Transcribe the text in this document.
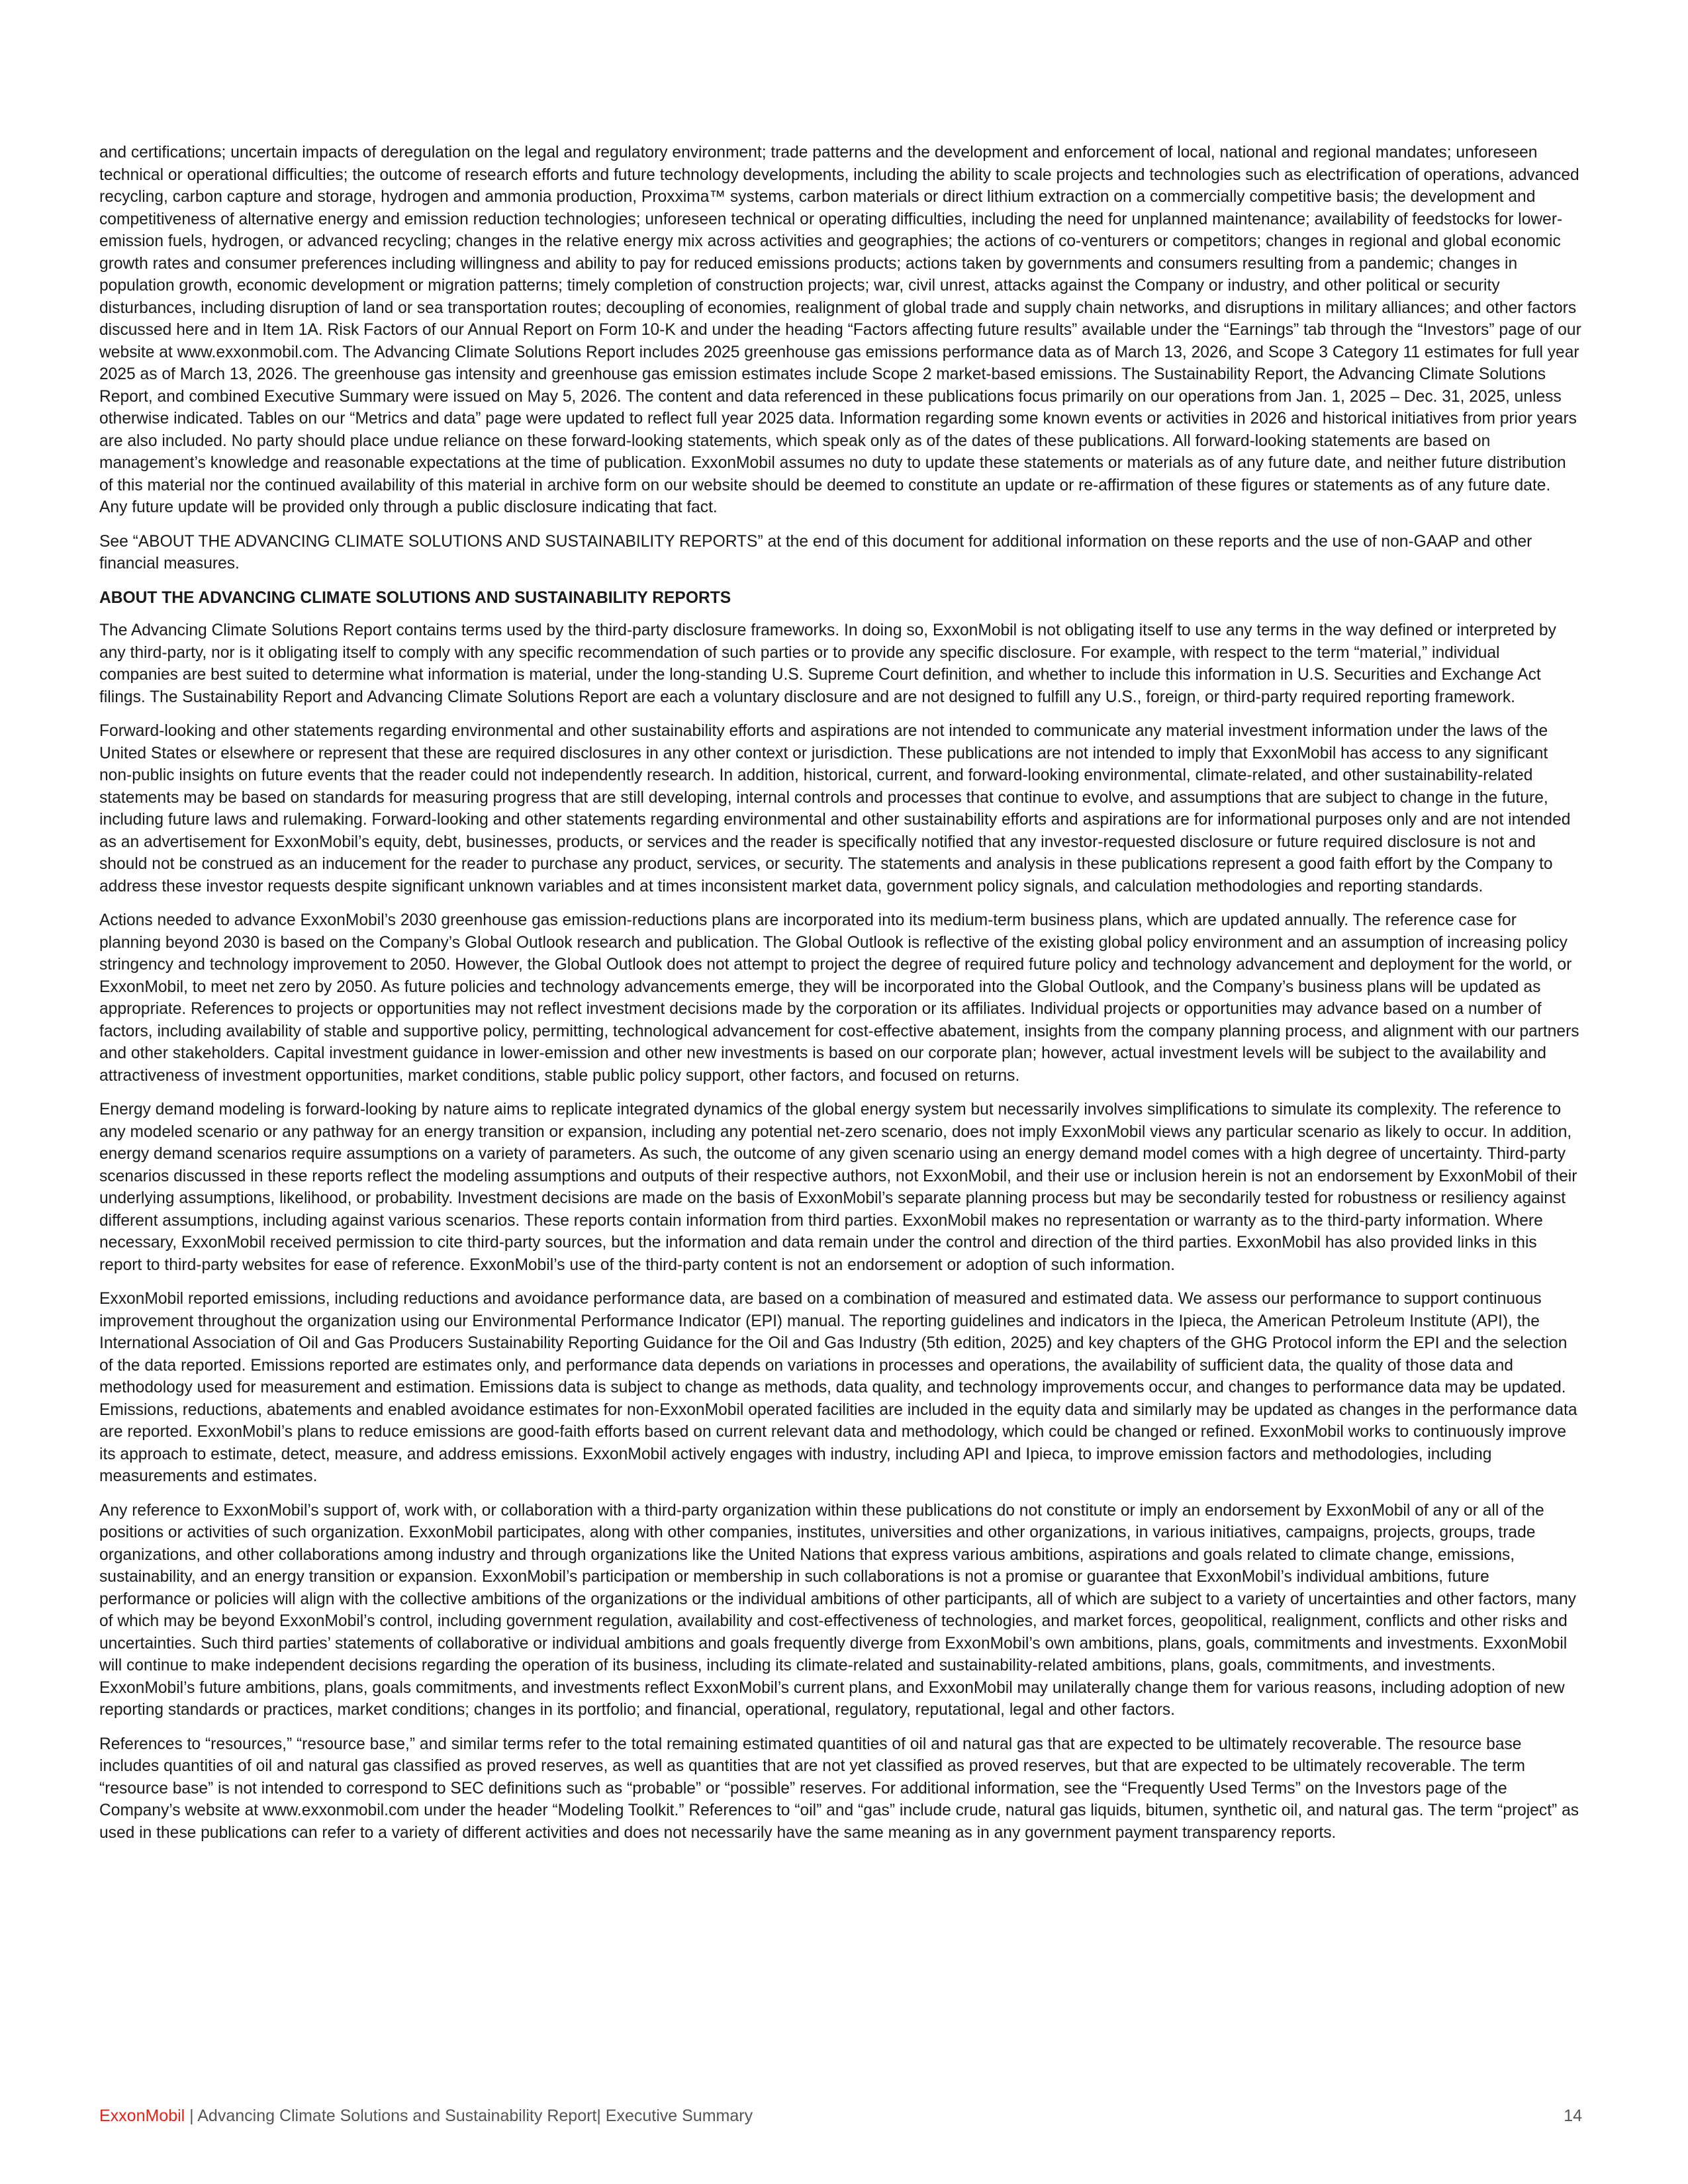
and certifications; uncertain impacts of deregulation on the legal and regulatory environment; trade patterns and the development and enforcement of local, national and regional mandates; unforeseen technical or operational difficulties; the outcome of research efforts and future technology developments, including the ability to scale projects and technologies such as electrification of operations, advanced recycling, carbon capture and storage, hydrogen and ammonia production, Proxxima™ systems, carbon materials or direct lithium extraction on a commercially competitive basis; the development and competitiveness of alternative energy and emission reduction technologies; unforeseen technical or operating difficulties, including the need for unplanned maintenance; availability of feedstocks for lower-emission fuels, hydrogen, or advanced recycling; changes in the relative energy mix across activities and geographies; the actions of co-venturers or competitors; changes in regional and global economic growth rates and consumer preferences including willingness and ability to pay for reduced emissions products; actions taken by governments and consumers resulting from a pandemic; changes in population growth, economic development or migration patterns; timely completion of construction projects; war, civil unrest, attacks against the Company or industry, and other political or security disturbances, including disruption of land or sea transportation routes; decoupling of economies, realignment of global trade and supply chain networks, and disruptions in military alliances; and other factors discussed here and in Item 1A. Risk Factors of our Annual Report on Form 10-K and under the heading “Factors affecting future results” available under the “Earnings” tab through the “Investors” page of our website at www.exxonmobil.com. The Advancing Climate Solutions Report includes 2025 greenhouse gas emissions performance data as of March 13, 2026, and Scope 3 Category 11 estimates for full year 2025 as of March 13, 2026. The greenhouse gas intensity and greenhouse gas emission estimates include Scope 2 market-based emissions. The Sustainability Report, the Advancing Climate Solutions Report, and combined Executive Summary were issued on May 5, 2026. The content and data referenced in these publications focus primarily on our operations from Jan. 1, 2025 – Dec. 31, 2025, unless otherwise indicated. Tables on our “Metrics and data” page were updated to reflect full year 2025 data. Information regarding some known events or activities in 2026 and historical initiatives from prior years are also included. No party should place undue reliance on these forward-looking statements, which speak only as of the dates of these publications. All forward-looking statements are based on management’s knowledge and reasonable expectations at the time of publication. ExxonMobil assumes no duty to update these statements or materials as of any future date, and neither future distribution of this material nor the continued availability of this material in archive form on our website should be deemed to constitute an update or re-affirmation of these figures or statements as of any future date. Any future update will be provided only through a public disclosure indicating that fact.

See “ABOUT THE ADVANCING CLIMATE SOLUTIONS AND SUSTAINABILITY REPORTS” at the end of this document for additional information on these reports and the use of non-GAAP and other financial measures.

ABOUT THE ADVANCING CLIMATE SOLUTIONS AND SUSTAINABILITY REPORTS

The Advancing Climate Solutions Report contains terms used by the third-party disclosure frameworks. In doing so, ExxonMobil is not obligating itself to use any terms in the way defined or interpreted by any third-party, nor is it obligating itself to comply with any specific recommendation of such parties or to provide any specific disclosure. For example, with respect to the term “material,” individual companies are best suited to determine what information is material, under the long-standing U.S. Supreme Court definition, and whether to include this information in U.S. Securities and Exchange Act filings. The Sustainability Report and Advancing Climate Solutions Report are each a voluntary disclosure and are not designed to fulfill any U.S., foreign, or third-party required reporting framework.

Forward-looking and other statements regarding environmental and other sustainability efforts and aspirations are not intended to communicate any material investment information under the laws of the United States or elsewhere or represent that these are required disclosures in any other context or jurisdiction. These publications are not intended to imply that ExxonMobil has access to any significant non-public insights on future events that the reader could not independently research. In addition, historical, current, and forward-looking environmental, climate-related, and other sustainability-related statements may be based on standards for measuring progress that are still developing, internal controls and processes that continue to evolve, and assumptions that are subject to change in the future, including future laws and rulemaking. Forward-looking and other statements regarding environmental and other sustainability efforts and aspirations are for informational purposes only and are not intended as an advertisement for ExxonMobil’s equity, debt, businesses, products, or services and the reader is specifically notified that any investor-requested disclosure or future required disclosure is not and should not be construed as an inducement for the reader to purchase any product, services, or security. The statements and analysis in these publications represent a good faith effort by the Company to address these investor requests despite significant unknown variables and at times inconsistent market data, government policy signals, and calculation methodologies and reporting standards.

Actions needed to advance ExxonMobil’s 2030 greenhouse gas emission-reductions plans are incorporated into its medium-term business plans, which are updated annually. The reference case for planning beyond 2030 is based on the Company’s Global Outlook research and publication. The Global Outlook is reflective of the existing global policy environment and an assumption of increasing policy stringency and technology improvement to 2050. However, the Global Outlook does not attempt to project the degree of required future policy and technology advancement and deployment for the world, or ExxonMobil, to meet net zero by 2050. As future policies and technology advancements emerge, they will be incorporated into the Global Outlook, and the Company’s business plans will be updated as appropriate. References to projects or opportunities may not reflect investment decisions made by the corporation or its affiliates. Individual projects or opportunities may advance based on a number of factors, including availability of stable and supportive policy, permitting, technological advancement for cost-effective abatement, insights from the company planning process, and alignment with our partners and other stakeholders. Capital investment guidance in lower-emission and other new investments is based on our corporate plan; however, actual investment levels will be subject to the availability and attractiveness of investment opportunities, market conditions, stable public policy support, other factors, and focused on returns.

Energy demand modeling is forward-looking by nature aims to replicate integrated dynamics of the global energy system but necessarily involves simplifications to simulate its complexity. The reference to any modeled scenario or any pathway for an energy transition or expansion, including any potential net-zero scenario, does not imply ExxonMobil views any particular scenario as likely to occur. In addition, energy demand scenarios require assumptions on a variety of parameters. As such, the outcome of any given scenario using an energy demand model comes with a high degree of uncertainty. Third-party scenarios discussed in these reports reflect the modeling assumptions and outputs of their respective authors, not ExxonMobil, and their use or inclusion herein is not an endorsement by ExxonMobil of their underlying assumptions, likelihood, or probability. Investment decisions are made on the basis of ExxonMobil’s separate planning process but may be secondarily tested for robustness or resiliency against different assumptions, including against various scenarios. These reports contain information from third parties. ExxonMobil makes no representation or warranty as to the third-party information. Where necessary, ExxonMobil received permission to cite third-party sources, but the information and data remain under the control and direction of the third parties. ExxonMobil has also provided links in this report to third-party websites for ease of reference. ExxonMobil’s use of the third-party content is not an endorsement or adoption of such information.

ExxonMobil reported emissions, including reductions and avoidance performance data, are based on a combination of measured and estimated data. We assess our performance to support continuous improvement throughout the organization using our Environmental Performance Indicator (EPI) manual. The reporting guidelines and indicators in the Ipieca, the American Petroleum Institute (API), the International Association of Oil and Gas Producers Sustainability Reporting Guidance for the Oil and Gas Industry (5th edition, 2025) and key chapters of the GHG Protocol inform the EPI and the selection of the data reported. Emissions reported are estimates only, and performance data depends on variations in processes and operations, the availability of sufficient data, the quality of those data and methodology used for measurement and estimation. Emissions data is subject to change as methods, data quality, and technology improvements occur, and changes to performance data may be updated. Emissions, reductions, abatements and enabled avoidance estimates for non-ExxonMobil operated facilities are included in the equity data and similarly may be updated as changes in the performance data are reported. ExxonMobil’s plans to reduce emissions are good-faith efforts based on current relevant data and methodology, which could be changed or refined. ExxonMobil works to continuously improve its approach to estimate, detect, measure, and address emissions. ExxonMobil actively engages with industry, including API and Ipieca, to improve emission factors and methodologies, including measurements and estimates.

Any reference to ExxonMobil’s support of, work with, or collaboration with a third-party organization within these publications do not constitute or imply an endorsement by ExxonMobil of any or all of the positions or activities of such organization. ExxonMobil participates, along with other companies, institutes, universities and other organizations, in various initiatives, campaigns, projects, groups, trade organizations, and other collaborations among industry and through organizations like the United Nations that express various ambitions, aspirations and goals related to climate change, emissions, sustainability, and an energy transition or expansion. ExxonMobil’s participation or membership in such collaborations is not a promise or guarantee that ExxonMobil’s individual ambitions, future performance or policies will align with the collective ambitions of the organizations or the individual ambitions of other participants, all of which are subject to a variety of uncertainties and other factors, many of which may be beyond ExxonMobil’s control, including government regulation, availability and cost-effectiveness of technologies, and market forces, geopolitical, realignment, conflicts and other risks and uncertainties. Such third parties’ statements of collaborative or individual ambitions and goals frequently diverge from ExxonMobil’s own ambitions, plans, goals, commitments and investments. ExxonMobil will continue to make independent decisions regarding the operation of its business, including its climate-related and sustainability-related ambitions, plans, goals, commitments, and investments. ExxonMobil’s future ambitions, plans, goals commitments, and investments reflect ExxonMobil’s current plans, and ExxonMobil may unilaterally change them for various reasons, including adoption of new reporting standards or practices, market conditions; changes in its portfolio; and financial, operational, regulatory, reputational, legal and other factors.

References to “resources,” “resource base,” and similar terms refer to the total remaining estimated quantities of oil and natural gas that are expected to be ultimately recoverable. The resource base includes quantities of oil and natural gas classified as proved reserves, as well as quantities that are not yet classified as proved reserves, but that are expected to be ultimately recoverable. The term “resource base” is not intended to correspond to SEC definitions such as “probable” or “possible” reserves. For additional information, see the “Frequently Used Terms” on the Investors page of the Company’s website at www.exxonmobil.com under the header “Modeling Toolkit.” References to “oil” and “gas” include crude, natural gas liquids, bitumen, synthetic oil, and natural gas. The term “project” as used in these publications can refer to a variety of different activities and does not necessarily have the same meaning as in any government payment transparency reports.

ExxonMobil | Advancing Climate Solutions and Sustainability Report| Executive Summary	14
